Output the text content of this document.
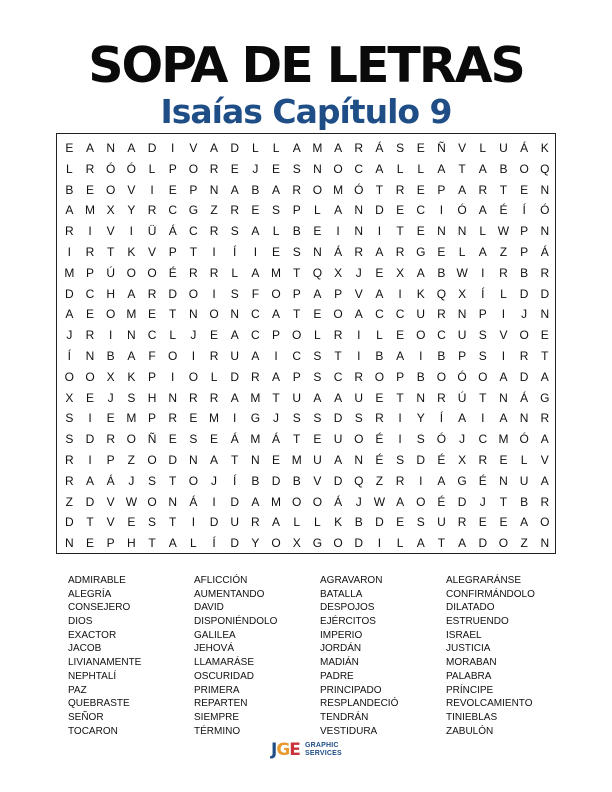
SOPA DE LETRAS
Isaías Capítulo 9
E	A	N	A	D	I	V	A	D	L	L	A M A	R	Á	S	E	Ñ	V	L	U	Á	K
L	R Ó Ó	L	P O R	E	J	E	S	N O C	A	L	L	A	T	A	B O Q
B	E O	V	I	E	P	N	A	B	A	R O M Ó	T	R	E	P	A	R	T	E	N
A M X	Y	R	C G	Z	R	E	S	P	L	A	N	D	E	C	I	Ó	A	É	Í	Ó
R	I	V	I	Ü	Á	C	R	S	A	L	B	E	I	N	I	T	E	N	N	L W P	N
I	R	T	K	V	P	T	I	Í	I	E	S	N	Á	R	A	R G	E	L	A	Z	P	Á
M P	Ú O O	É	R	R	L	A M	T	Q	X	J	E	X	A	B W	I	R	B	R
D	C	H	A	R	D O	I	S	F	O	P	A	P	V	A	I	K Q	X	Í	L	D	D
A	E O M E	T	N O N	C	A	T	E O	A	C	C	U	R	N	P	I	J	N
J	R	I	N	C	L	J	E	A	C	P O	L	R	I	L	E O C	U	S	V O	E
Í	N	B	A	F	O	I	R	U	A	I	C	S	T	I	B	A	I	B	P	S	I	R	T
O O	X	K	P	I	O	L	D	R	A	P	S	C	R O	P	B O Ó O	A	D	A
X	E	J	S	H	N	R	R	A M	T	U	A	A	U	E	T	N	R	Ú	T	N	Á G
S	I	E M P	R	E M	I	G	J	S	S	D	S	R	I	Y	Í	A	I	A	N	R
S	D	R O Ñ	E	S	E	Á M Á	T	E	U O	É	I	S Ó	J	C M Ó	A
R	I	P	Z	O D	N	A	T	N	E M U	A	N	É	S	D	É	X	R	E	L	V
R	A	Á	J	S	T	O	J	Í	B	D	B	V	D Q	Z	R	I	A G	É	N	U	A
Z	D	V W O N	Á	I	D	A M O O	Á	J	W A O	É	D	J	T	B	R
D	T	V	E	S	T	I	D	U	R	A	L	L	K	B	D	E	S	U	R	E	E	A O
N	E	P	H	T	A	L	Í	D	Y O	X G O D	I	L	A	T	A	D O	Z	N
ADMIRABLE
ALEGRÍA
CONSEJERO
DIOS
EXACTOR
JACOB
LIVIANAMENTE
NEPHTALÍ
PAZ
QUEBRASTE
SEÑOR
TOCARON
AFLICCIÓN
AUMENTANDO
DAVID
DISPONIÉNDOLO
GALILEA
JEHOVÁ
LLAMARÁSE
OSCURIDAD
PRIMERA
REPARTEN
SIEMPRE
TÉRMINO
AGRAVARON
BATALLA
DESPOJOS
EJÉRCITOS
IMPERIO
JORDÁN
MADIÁN
PADRE
PRINCIPADO
RESPLANDECIÓ
TENDRÁN
VESTIDURA
ALEGRARÁNSE
CONFIRMÁNDOLO
DILATADO
ESTRUENDO
ISRAEL
JUSTICIA
MORABAN
PALABRA
PRÍNCIPE
REVOLCAMIENTO
TINIEBLAS
ZABULÓN
JGE GRAPHIC
SERVICES
